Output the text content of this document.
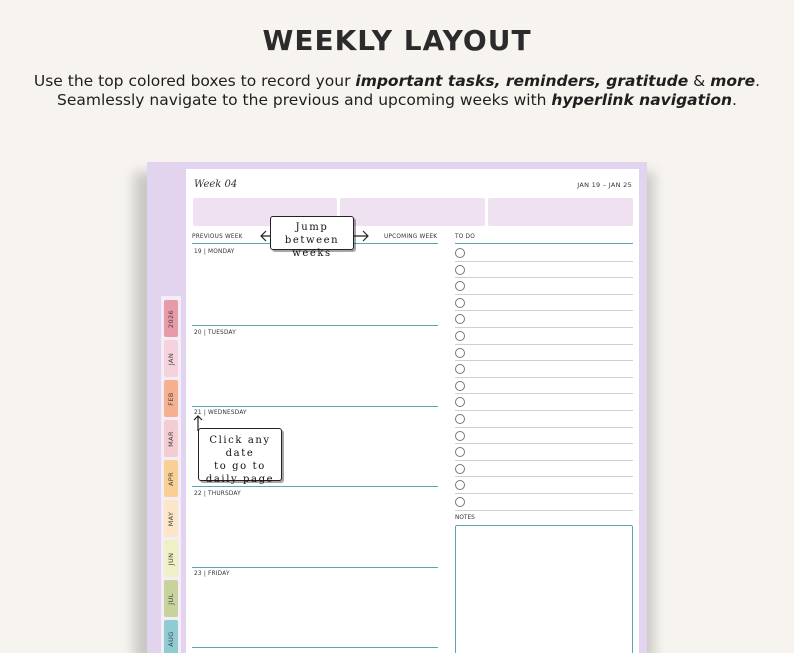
WEEKLY LAYOUT
Use the top colored boxes to record your important tasks, reminders, gratitude & more.
Seamlessly navigate to the previous and upcoming weeks with hyperlink navigation.
2026
JAN
FEB
MAR
APR
MAY
JUN
JUL
AUG
Week 04	JAN 19 – JAN 25
PREVIOUS WEEK	UPCOMING WEEK	TO DO
19 | MONDAY
20 | TUESDAY
21 | WEDNESDAY
22 | THURSDAY
23 | FRIDAY
NOTES
Jump between
weeks
Click any date
to go to
daily page
